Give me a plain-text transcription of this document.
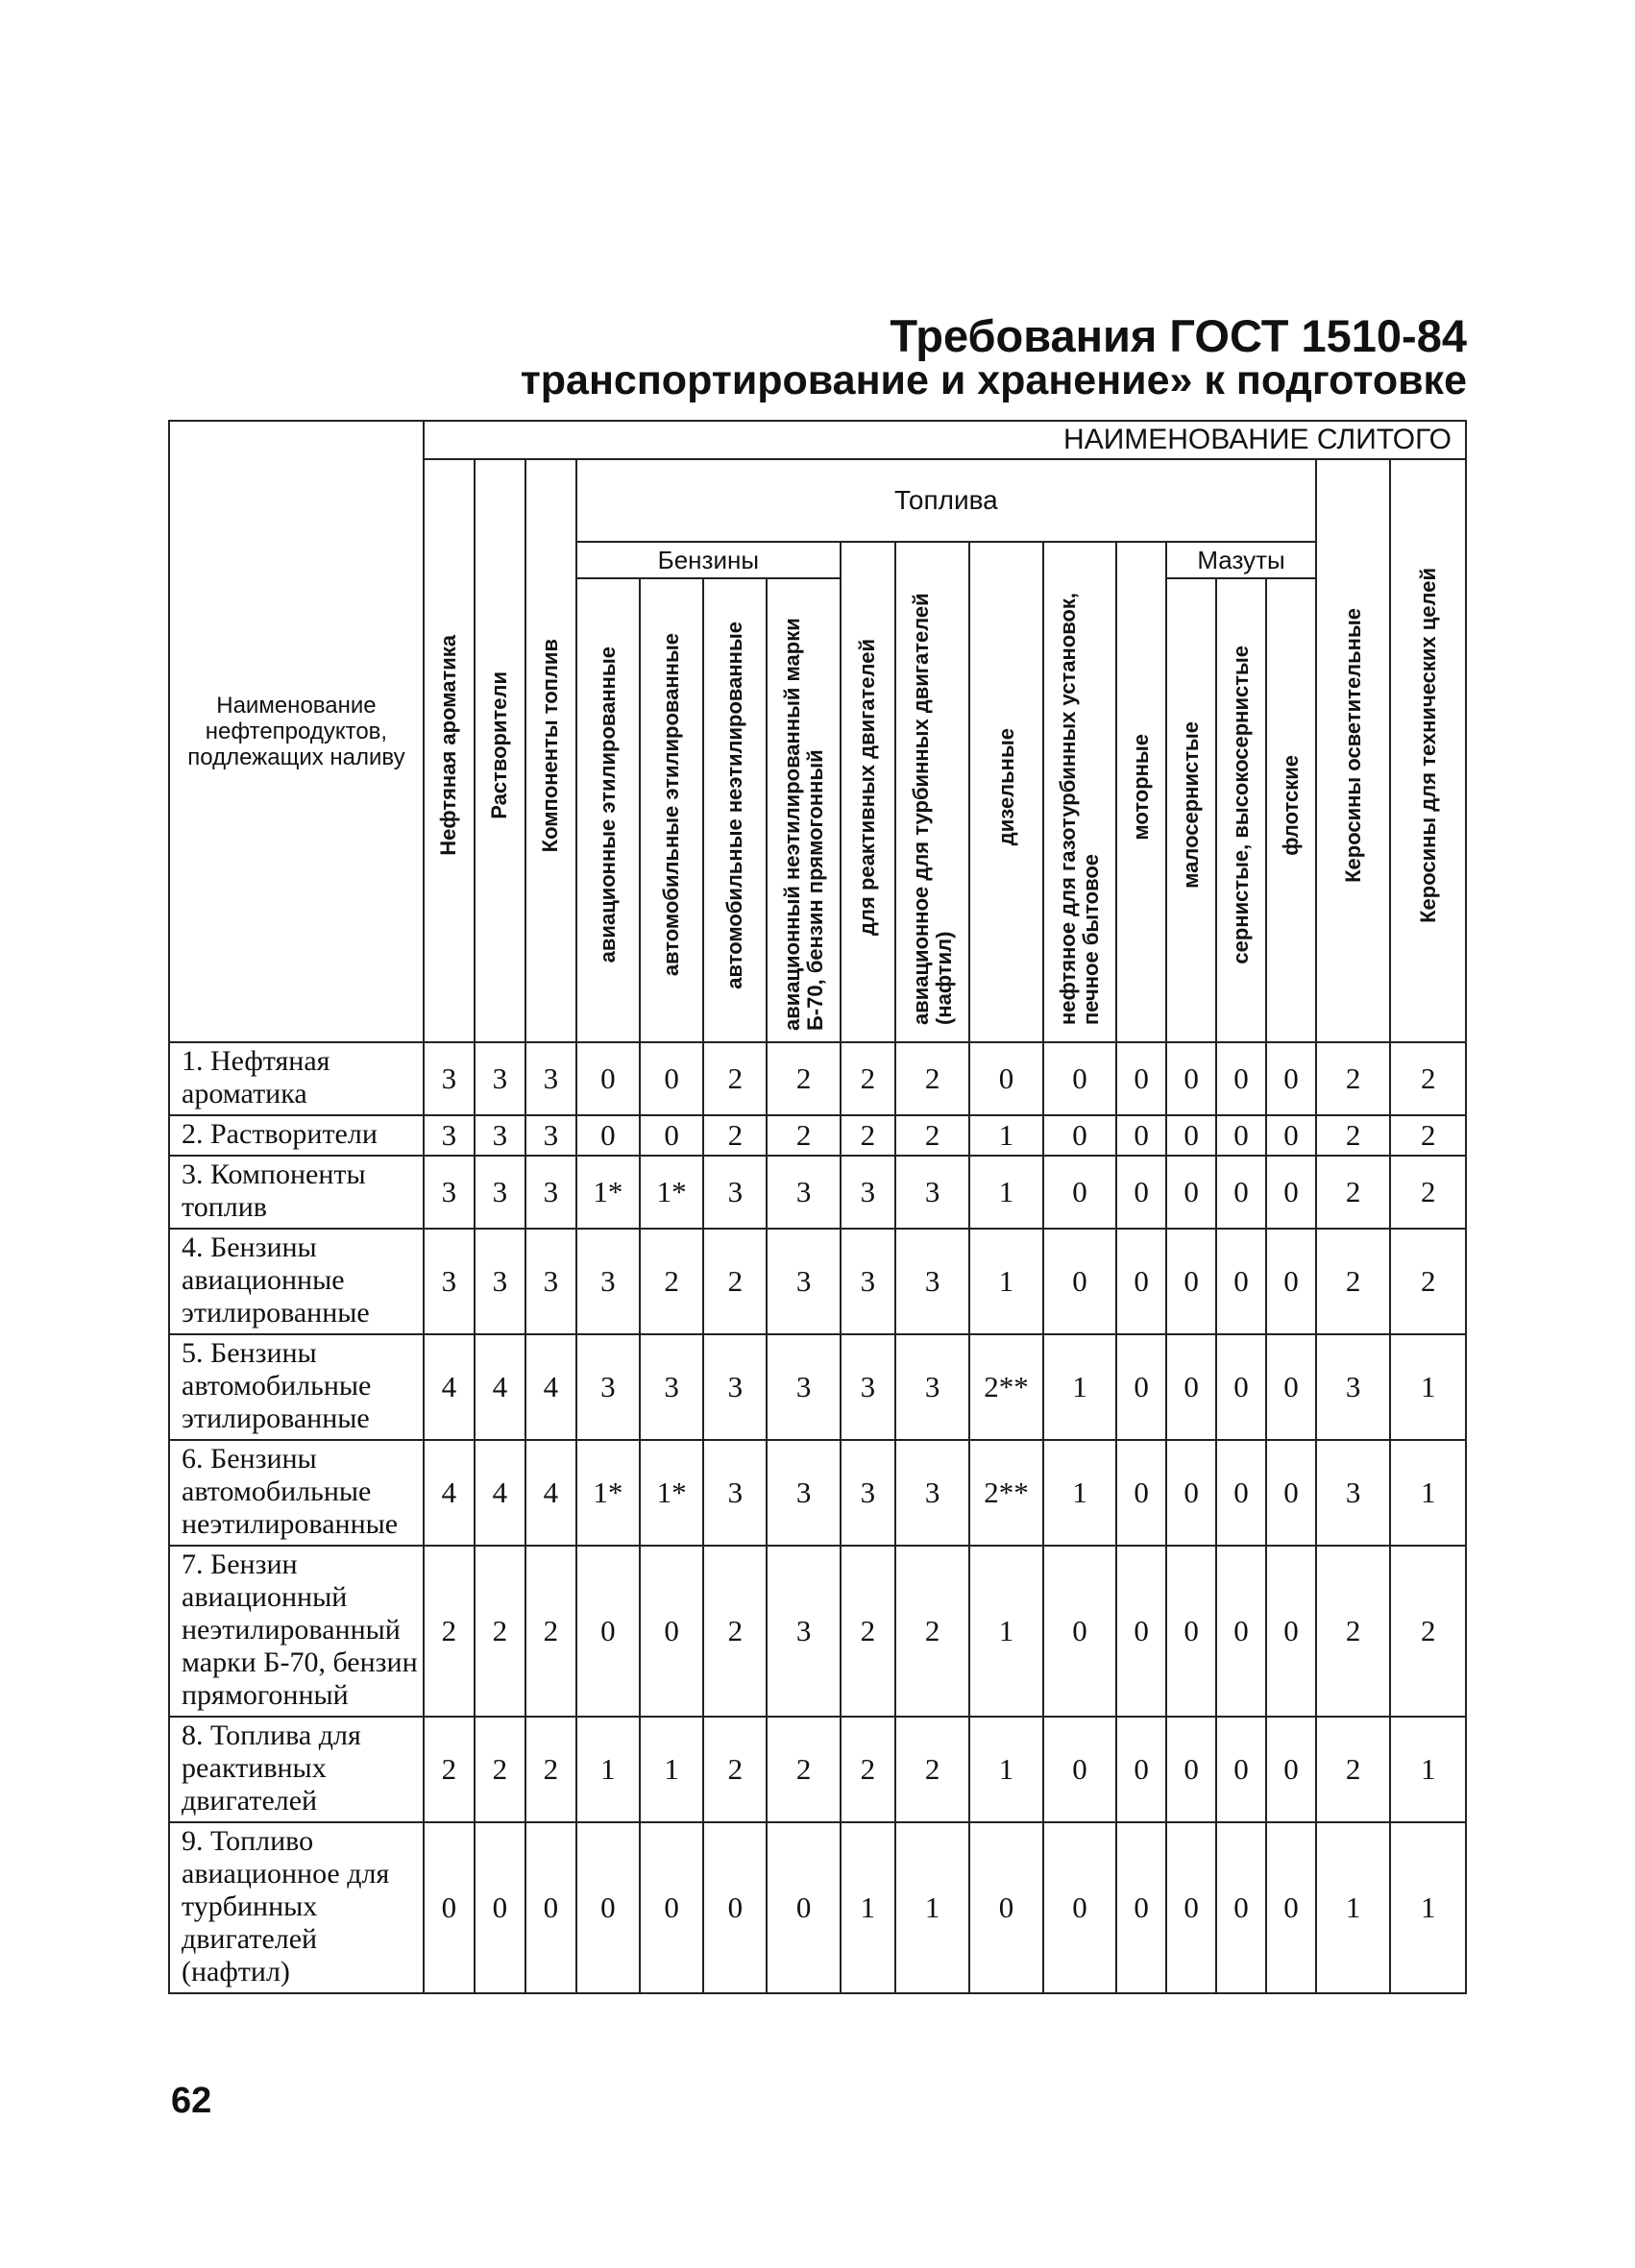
Требования ГОСТ 1510-84
транспортирование и хранение» к подготовке
Наименование нефтепродуктов, подлежащих наливу	НАИМЕНОВАНИЕ СЛИТОГО																
	Нефтяная ароматика	Растворители	Компоненты топлив	Топлива												Керосины осветительные	Керосины для технических целей
				Бензины				для реактивных двигателей	авиационное для турбинных двигателей (нафтил)	дизельные	нефтяное для газотурбинных установок, печное бытовое	моторные	Мазуты				
				авиационные этилированные	автомобильные этилированные	автомобильные неэтилированные	авиационный неэтилированный марки Б-70, бензин прямогонный						малосернистые	сернистые, высокосернистые	флотские		
1. Нефтяная ароматика	3	3	3	0	0	2	2	2	2	0	0	0	0	0	0	2	2
2. Растворители	3	3	3	0	0	2	2	2	2	1	0	0	0	0	0	2	2
3. Компоненты топлив	3	3	3	1*	1*	3	3	3	3	1	0	0	0	0	0	2	2
4. Бензины авиационные этилированные	3	3	3	3	2	2	3	3	3	1	0	0	0	0	0	2	2
5. Бензины автомобильные этилированные	4	4	4	3	3	3	3	3	3	2**	1	0	0	0	0	3	1
6. Бензины автомобильные неэтилированные	4	4	4	1*	1*	3	3	3	3	2**	1	0	0	0	0	3	1
7. Бензин авиационный неэтилированный марки Б-70, бензин прямогонный	2	2	2	0	0	2	3	2	2	1	0	0	0	0	0	2	2
8. Топлива для реактивных двигателей	2	2	2	1	1	2	2	2	2	1	0	0	0	0	0	2	1
9. Топливо авиационное для турбинных двигателей (нафтил)	0	0	0	0	0	0	0	1	1	0	0	0	0	0	0	1	1
62
